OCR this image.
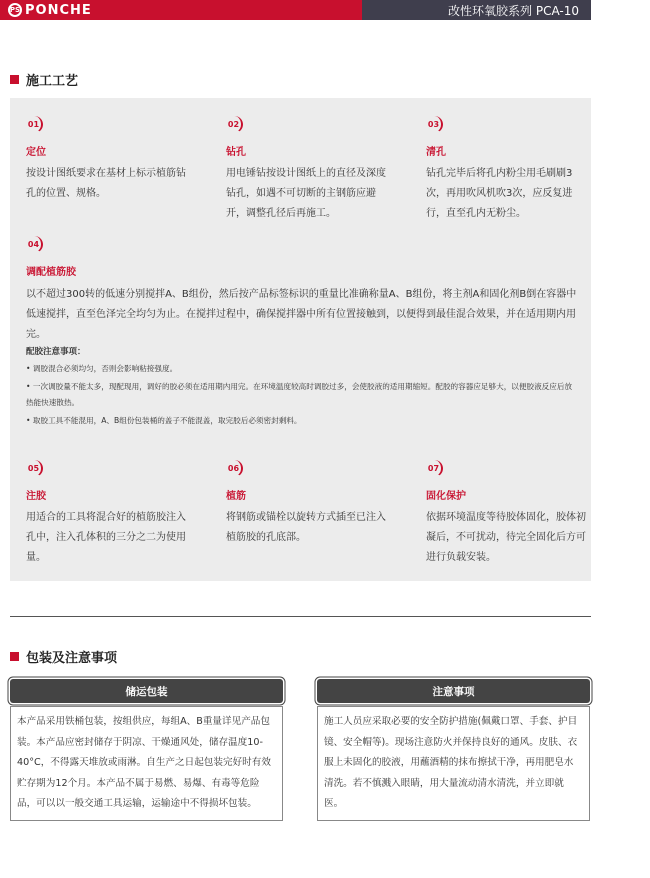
PS PONCHE	改性环氧胶系列 PCA-10
施工工艺
01
定位
按设计图纸要求在基材上标示植筋钻孔的位置、规格。
02
钻孔
用电锤钻按设计图纸上的直径及深度钻孔，如遇不可切断的主钢筋应避开，调整孔径后再施工。
03
清孔
钻孔完毕后将孔内粉尘用毛刷刷3次，再用吹风机吹3次，应反复进行，直至孔内无粉尘。
04
调配植筋胶
以不超过300转的低速分别搅拌A、B组份，然后按产品标签标识的重量比准确称量A、B组份，将主剂A和固化剂B倒在容器中低速搅拌，直至色泽完全均匀为止。在搅拌过程中，确保搅拌器中所有位置接触到，以便得到最佳混合效果，并在适用期内用完。
配胶注意事项：
• 调胶混合必须均匀，否则会影响粘接强度。
• 一次调胶量不能太多，现配现用，调好的胶必须在适用期内用完。在环境温度较高时调胶过多，会使胶液的适用期缩短。配胶的容器应足够大，以便胶液反应后放热能快速散热。
• 取胶工具不能混用，A、B组份包装桶的盖子不能混盖，取完胶后必须密封剩料。
05
注胶
用适合的工具将混合好的植筋胶注入孔中，注入孔体积的三分之二为使用量。
06
植筋
将钢筋或锚栓以旋转方式插至已注入植筋胶的孔底部。
07
固化保护
依据环境温度等待胶体固化，胶体初凝后，不可扰动，待完全固化后方可进行负载安装。
包装及注意事项
储运包装
本产品采用铁桶包装，按组供应，每组A、B重量详见产品包装。本产品应密封储存于阴凉、干燥通风处，储存温度10-40°C，不得露天堆放或雨淋。自生产之日起包装完好时有效贮存期为12个月。本产品不属于易燃、易爆、有毒等危险品，可以以一般交通工具运输，运输途中不得损坏包装。
注意事项
施工人员应采取必要的安全防护措施(佩戴口罩、手套、护目镜、安全帽等)。现场注意防火并保持良好的通风。皮肤、衣服上未固化的胶液，用蘸酒精的抹布擦拭干净，再用肥皂水清洗。若不慎溅入眼睛，用大量流动清水清洗，并立即就医。
